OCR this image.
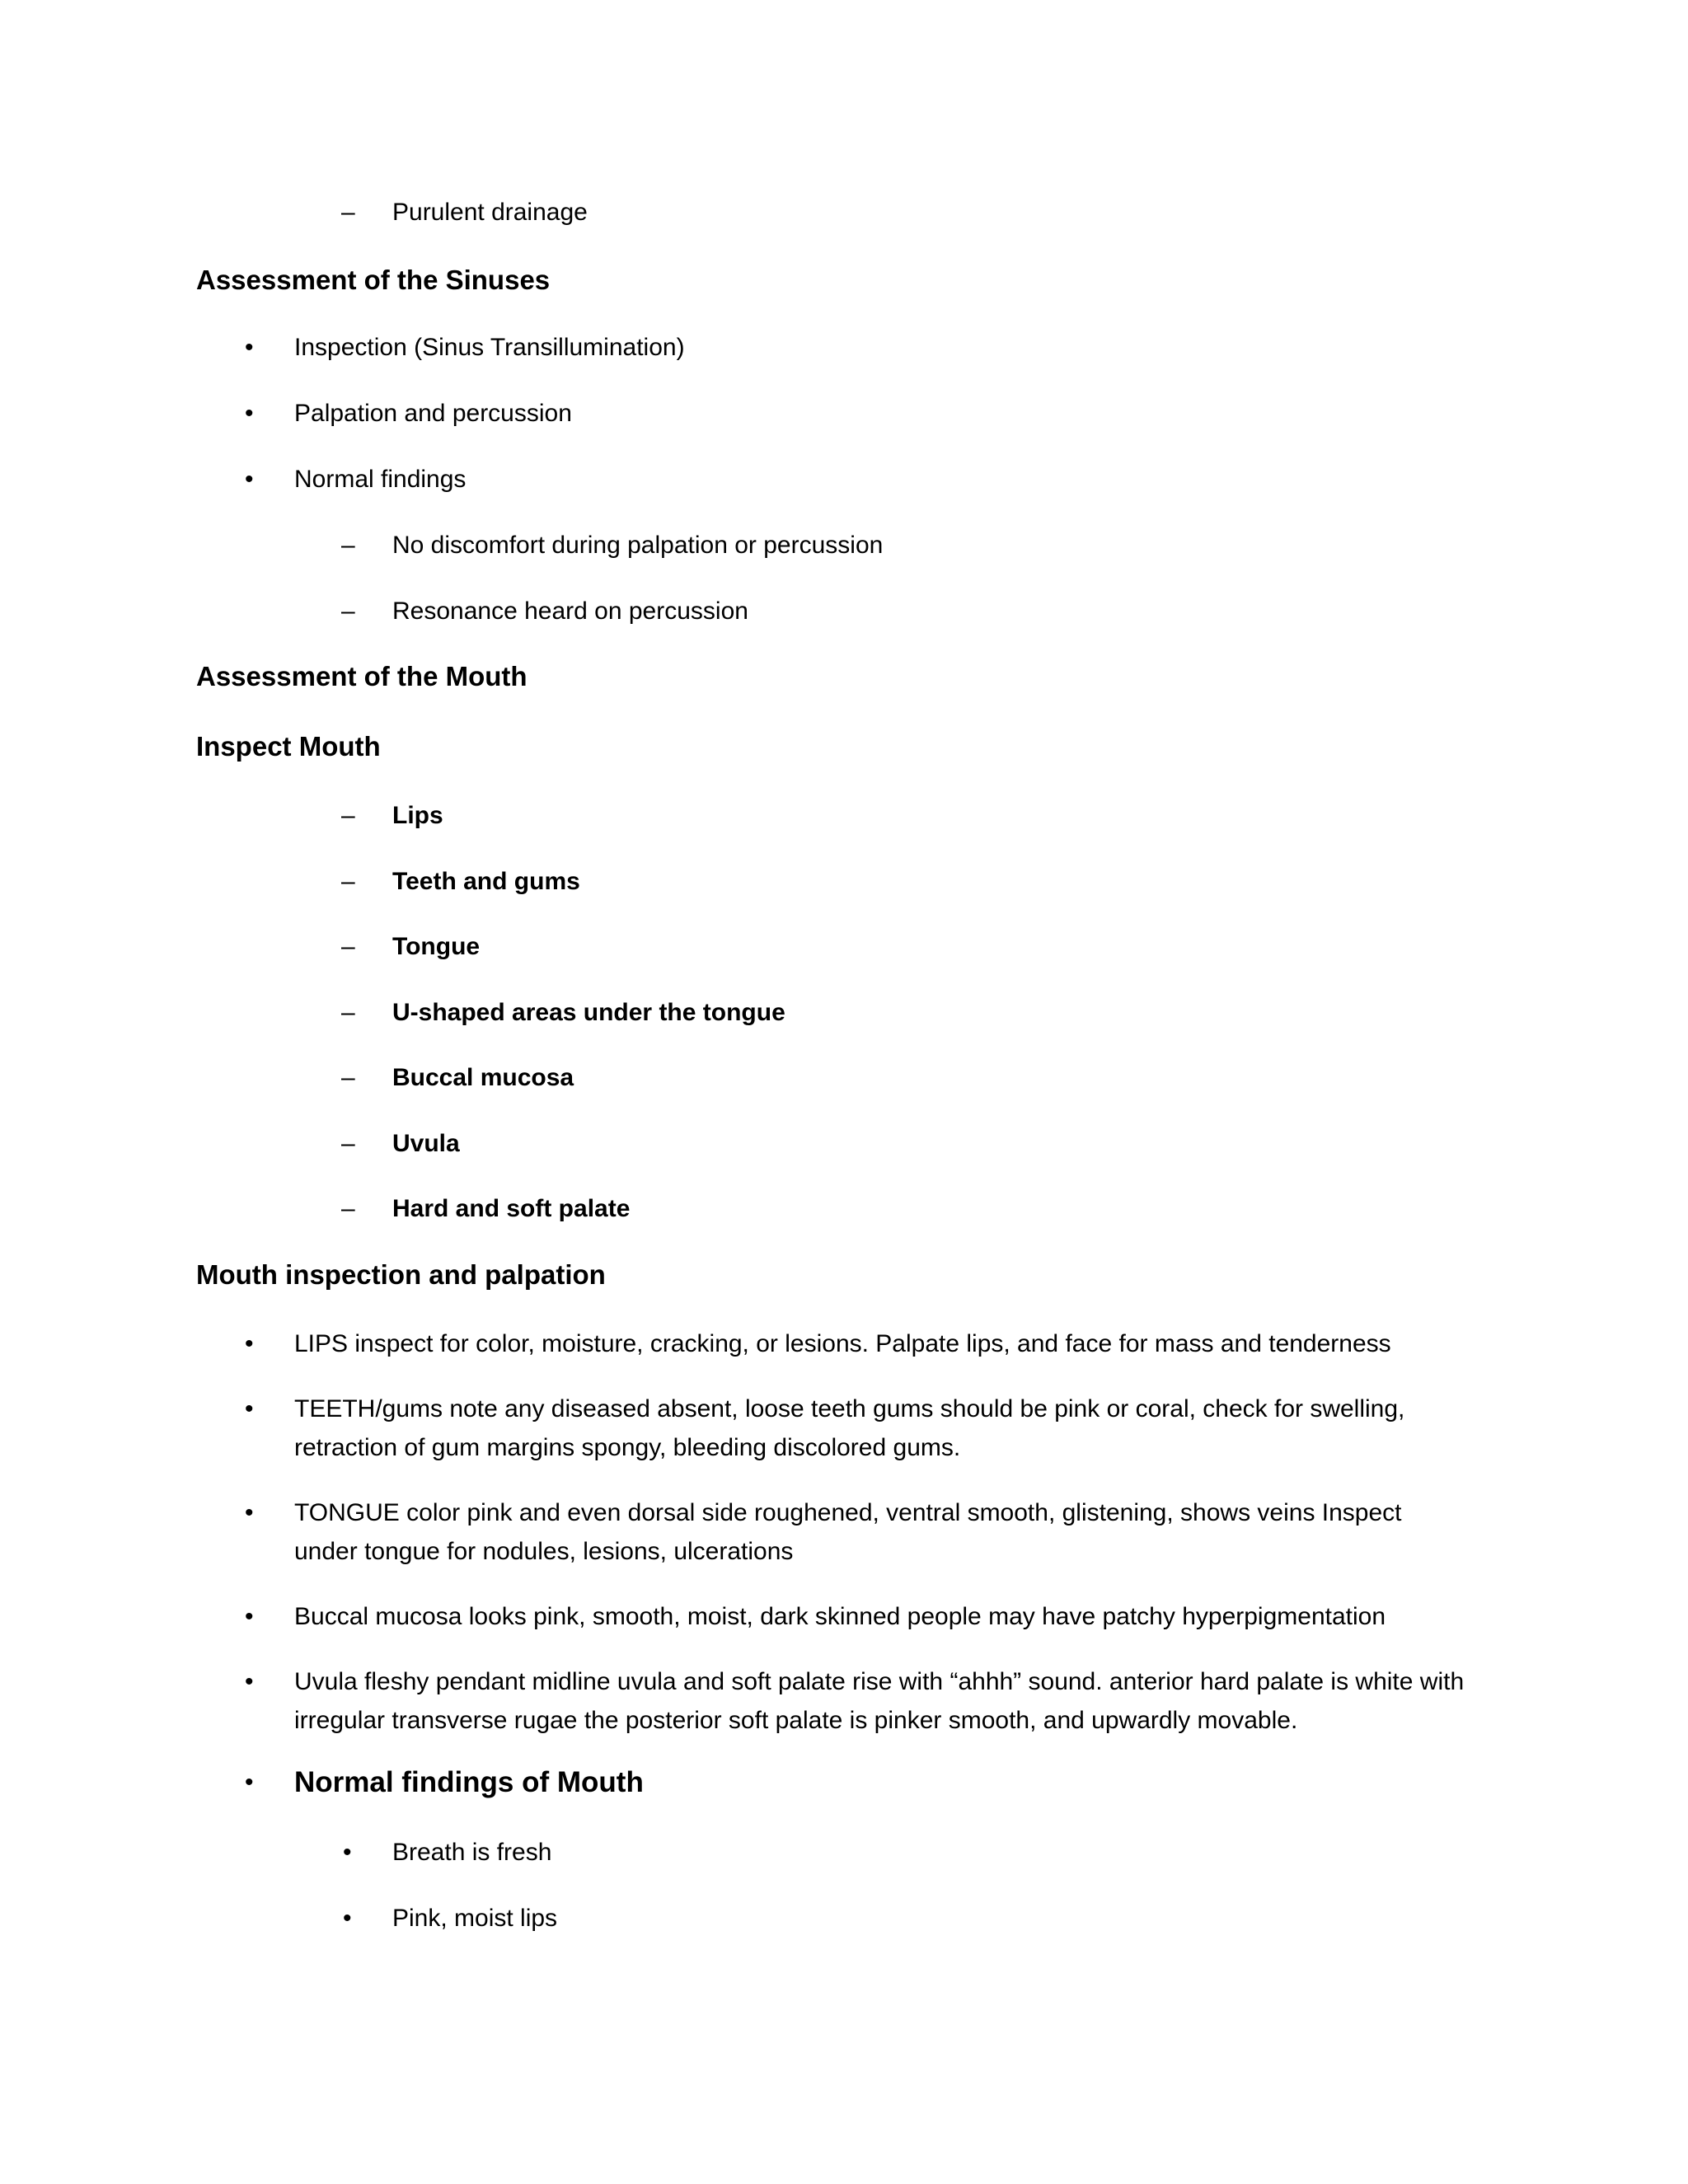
– Purulent drainage
Assessment of the Sinuses
• Inspection (Sinus Transillumination)
• Palpation and percussion
• Normal findings
– No discomfort during palpation or percussion
– Resonance heard on percussion
Assessment of the Mouth
Inspect Mouth
– Lips
– Teeth and gums
– Tongue
– U-shaped areas under the tongue
– Buccal mucosa
– Uvula
– Hard and soft palate
Mouth inspection and palpation
• LIPS inspect for color, moisture, cracking, or lesions. Palpate lips, and face for mass and tenderness
• TEETH/gums note any diseased absent, loose teeth gums should be pink or coral, check for swelling, retraction of gum margins spongy, bleeding discolored gums.
• TONGUE color pink and even dorsal side roughened, ventral smooth, glistening, shows veins Inspect under tongue for nodules, lesions, ulcerations
• Buccal mucosa looks pink, smooth, moist, dark skinned people may have patchy hyperpigmentation
• Uvula fleshy pendant midline uvula and soft palate rise with “ahhh” sound. anterior hard palate is white with irregular transverse rugae the posterior soft palate is pinker smooth, and upwardly movable.
• Normal findings of Mouth
• Breath is fresh
• Pink, moist lips
